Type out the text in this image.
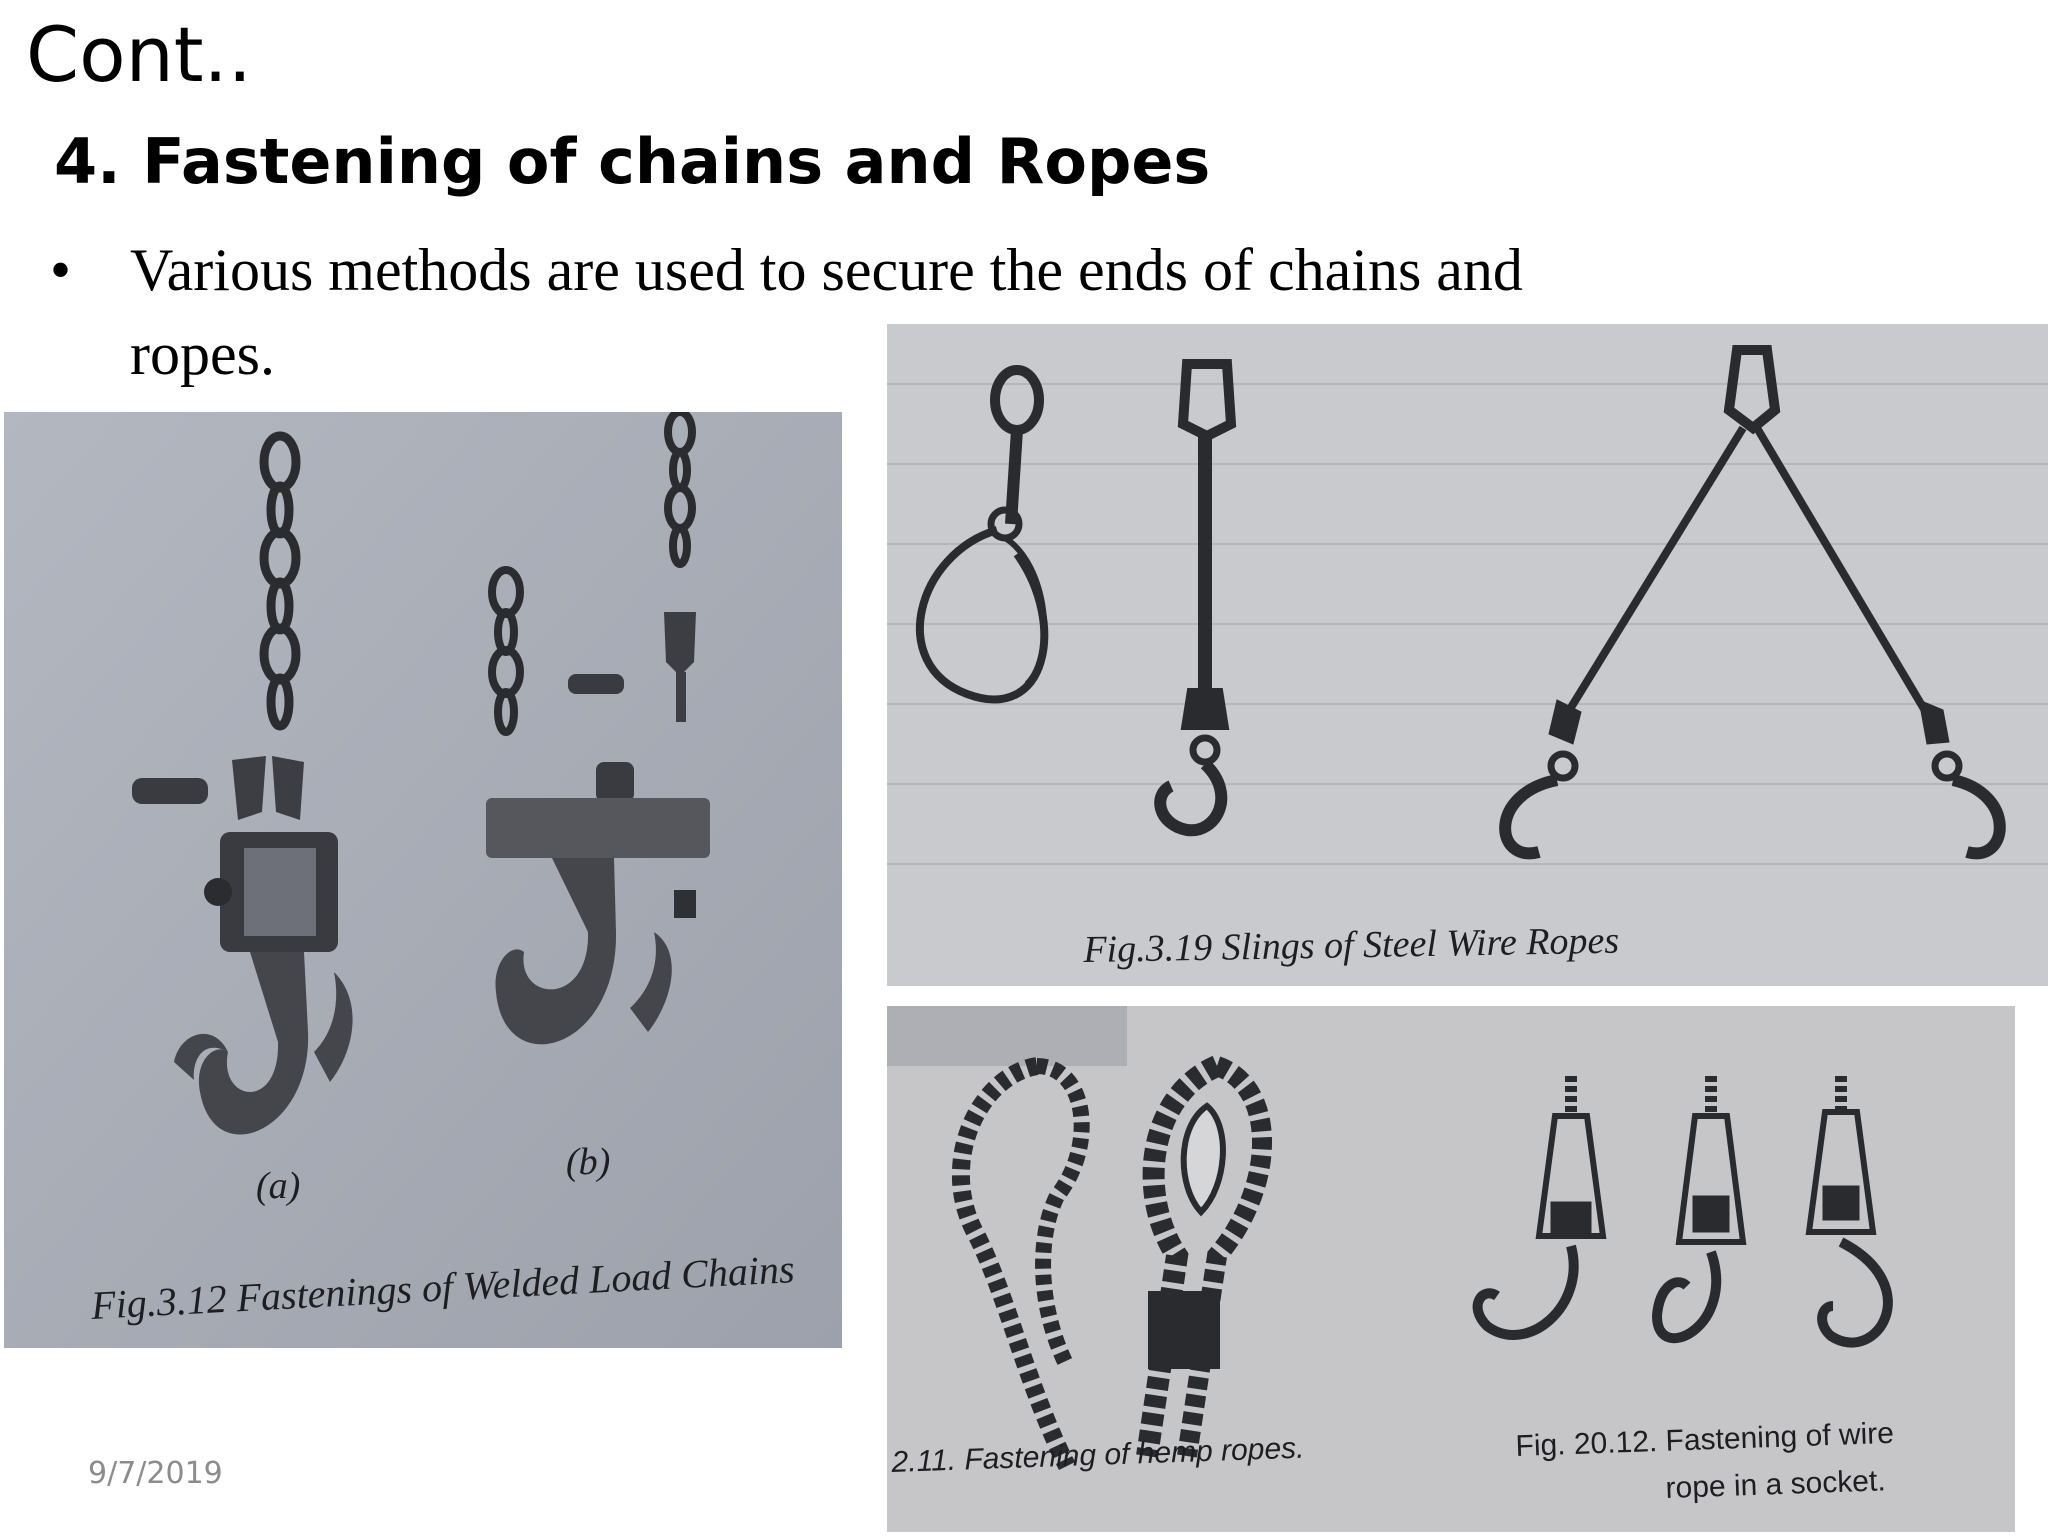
Cont..
4. Fastening of chains and Ropes
• Various methods are used to secure the ends of chains and
ropes.
(a)
(b)
Fig.3.12 Fastenings of Welded Load Chains
Fig.3.19 Slings of Steel Wire Ropes
2.11. Fastening of hemp ropes.	Fig. 20.12. Fastening of wire
rope in a socket.
9/7/2019
